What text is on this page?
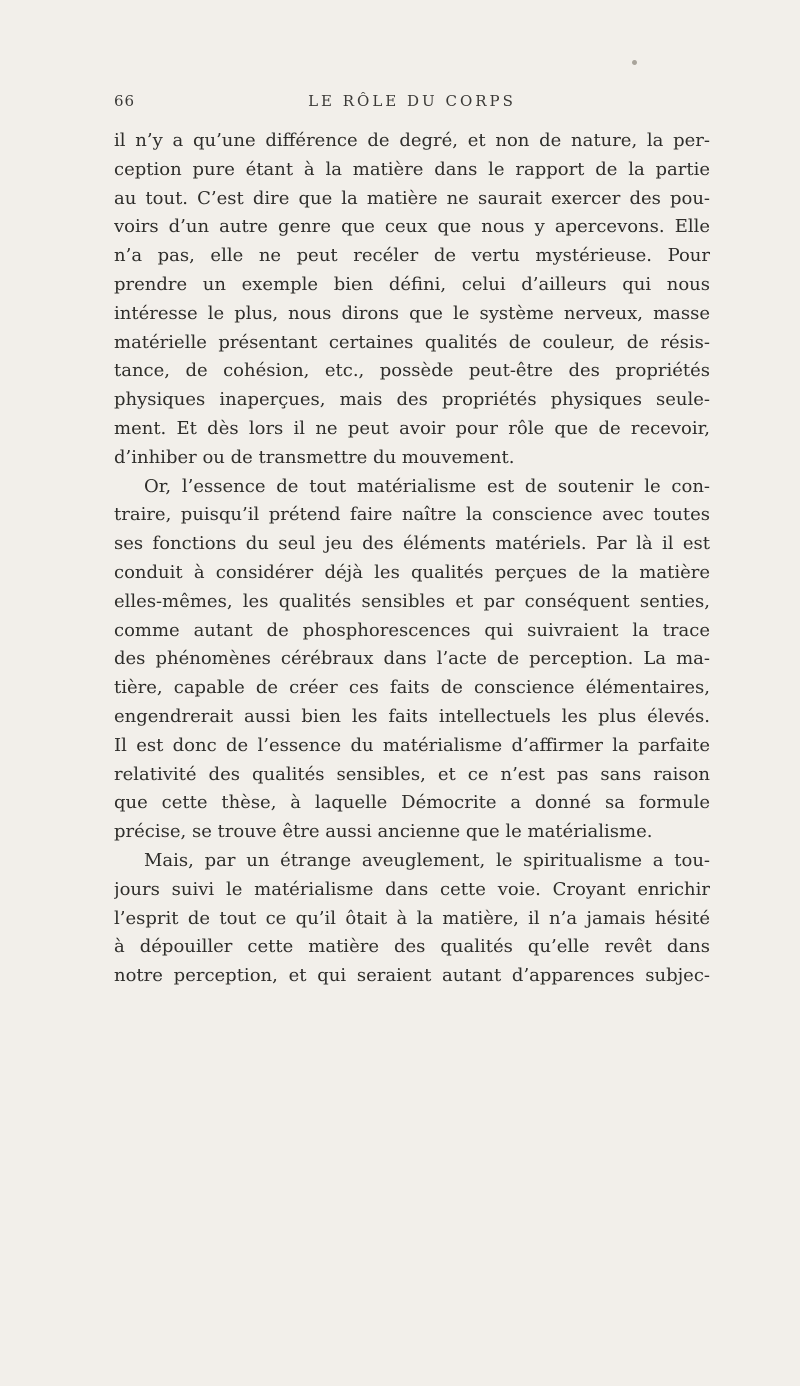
66	LE RÔLE DU CORPS
il n’y a qu’une différence de degré, et non de nature, la per-
ception pure étant à la matière dans le rapport de la partie
au tout. C’est dire que la matière ne saurait exercer des pou-
voirs d’un autre genre que ceux que nous y apercevons. Elle
n’a pas, elle ne peut recéler de vertu mystérieuse. Pour
prendre un exemple bien défini, celui d’ailleurs qui nous
intéresse le plus, nous dirons que le système nerveux, masse
matérielle présentant certaines qualités de couleur, de résis-
tance, de cohésion, etc., possède peut-être des propriétés
physiques inaperçues, mais des propriétés physiques seule-
ment. Et dès lors il ne peut avoir pour rôle que de recevoir,
d’inhiber ou de transmettre du mouvement.
Or, l’essence de tout matérialisme est de soutenir le con-
traire, puisqu’il prétend faire naître la conscience avec toutes
ses fonctions du seul jeu des éléments matériels. Par là il est
conduit à considérer déjà les qualités perçues de la matière
elles-mêmes, les qualités sensibles et par conséquent senties,
comme autant de phosphorescences qui suivraient la trace
des phénomènes cérébraux dans l’acte de perception. La ma-
tière, capable de créer ces faits de conscience élémentaires,
engendrerait aussi bien les faits intellectuels les plus élevés.
Il est donc de l’essence du matérialisme d’affirmer la parfaite
relativité des qualités sensibles, et ce n’est pas sans raison
que cette thèse, à laquelle Démocrite a donné sa formule
précise, se trouve être aussi ancienne que le matérialisme.
Mais, par un étrange aveuglement, le spiritualisme a tou-
jours suivi le matérialisme dans cette voie. Croyant enrichir
l’esprit de tout ce qu’il ôtait à la matière, il n’a jamais hésité
à dépouiller cette matière des qualités qu’elle revêt dans
notre perception, et qui seraient autant d’apparences subjec-
